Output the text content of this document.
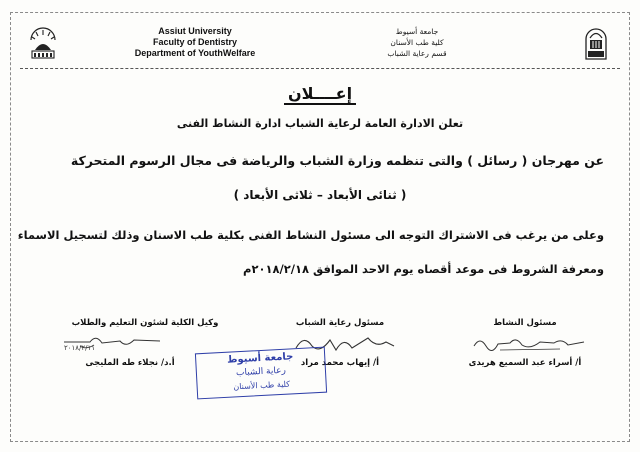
Assiut University
Faculty of Dentistry
Department of YouthWelfare
جامعة أسيوط
كلية طب الأسنان
قسم رعاية الشباب
إعــــلان
تعلن الادارة العامة لرعاية الشباب ادارة النشاط الفنى
عن مهرجان ( رسائل ) والتى تنظمه وزارة الشباب والرياضة فى مجال الرسوم المتحركة
( ثنائى الأبعاد – ثلاثى الأبعاد )
وعلى من يرغب فى الاشتراك التوجه الى مسئول النشاط الفنى بكلية طب الاسنان وذلك لتسجيل الاسماء
ومعرفة الشروط فى موعد أقصاه يوم الاحد الموافق ٢٠١٨/٢/١٨م
مسئول النشاط
مسئول رعاية الشباب
وكيل الكلية لشئون التعليم والطلاب
٢٠١٨/٢/١١
أ/ أسراء عبد السميع هريدى
أ/ إيهاب محمد مراد
أ.د/ نجلاء طه المليجى	جامعة أسيوط
رعاية الشباب
كلية طب الأسنان
